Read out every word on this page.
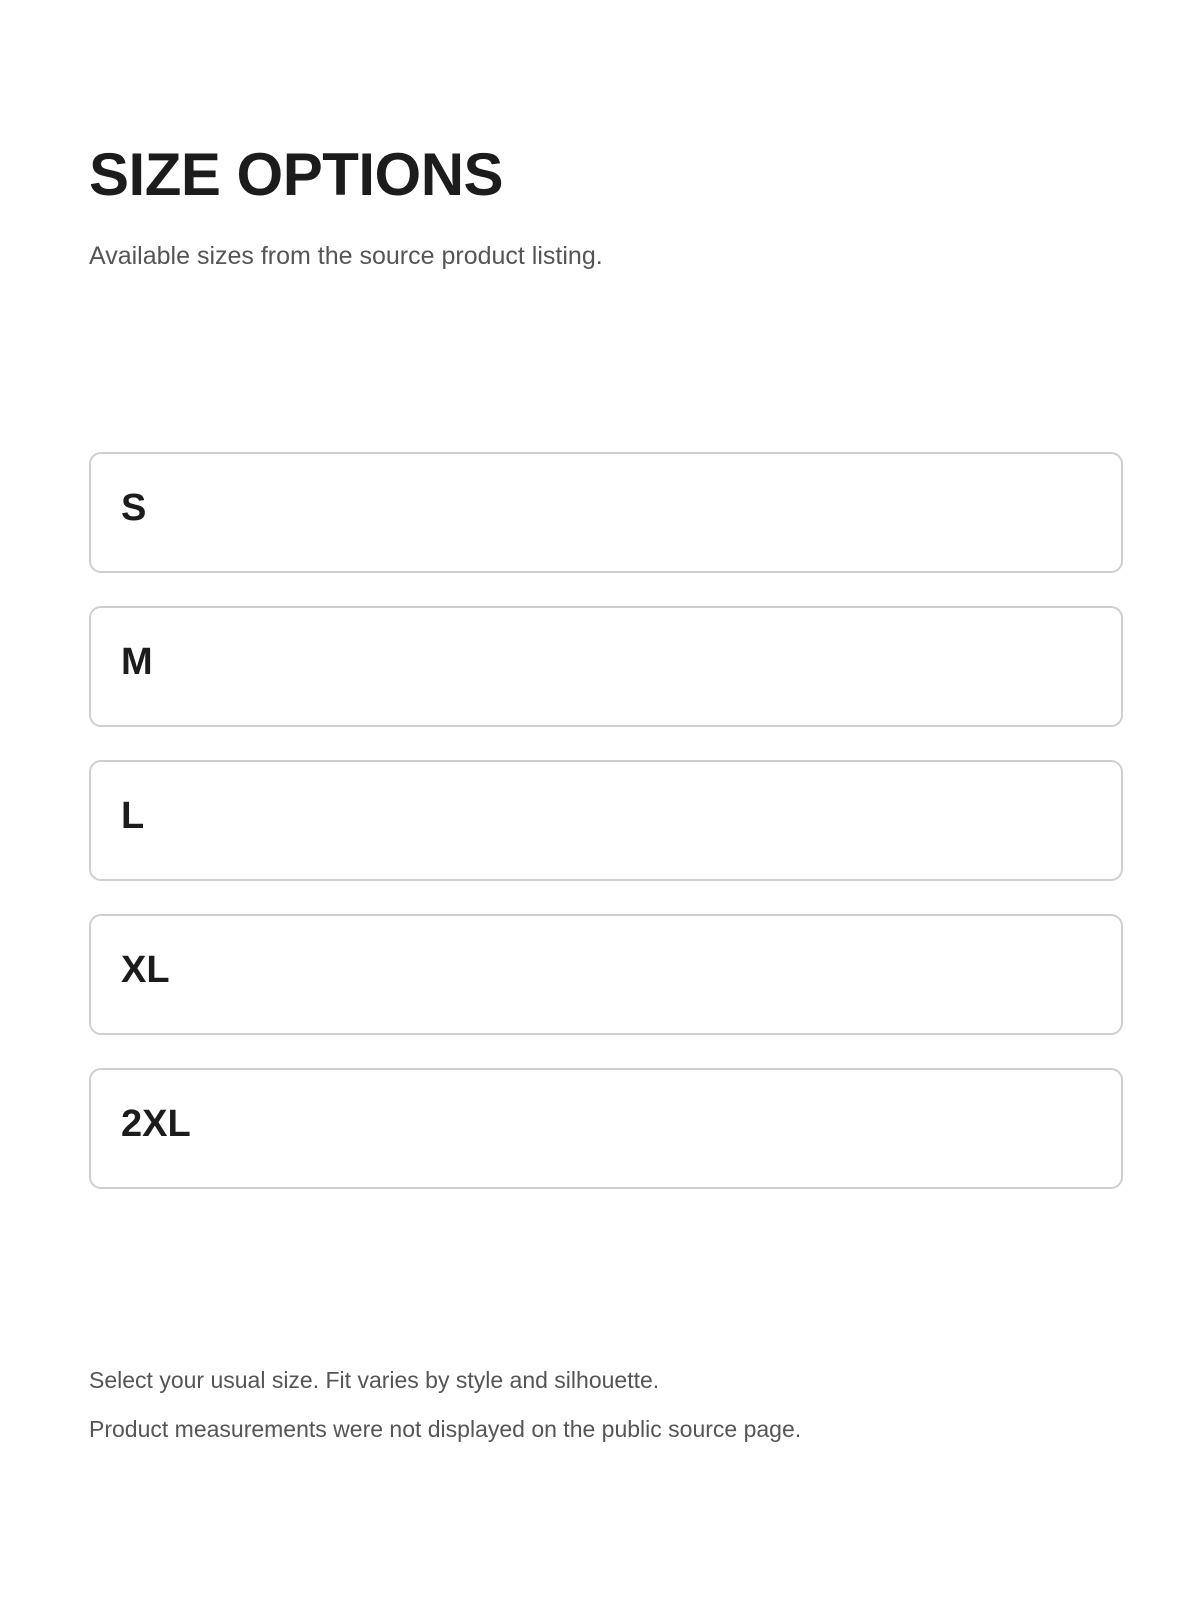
SIZE OPTIONS

Available sizes from the source product listing.

S
M
L
XL
2XL

Select your usual size. Fit varies by style and silhouette.

Product measurements were not displayed on the public source page.
